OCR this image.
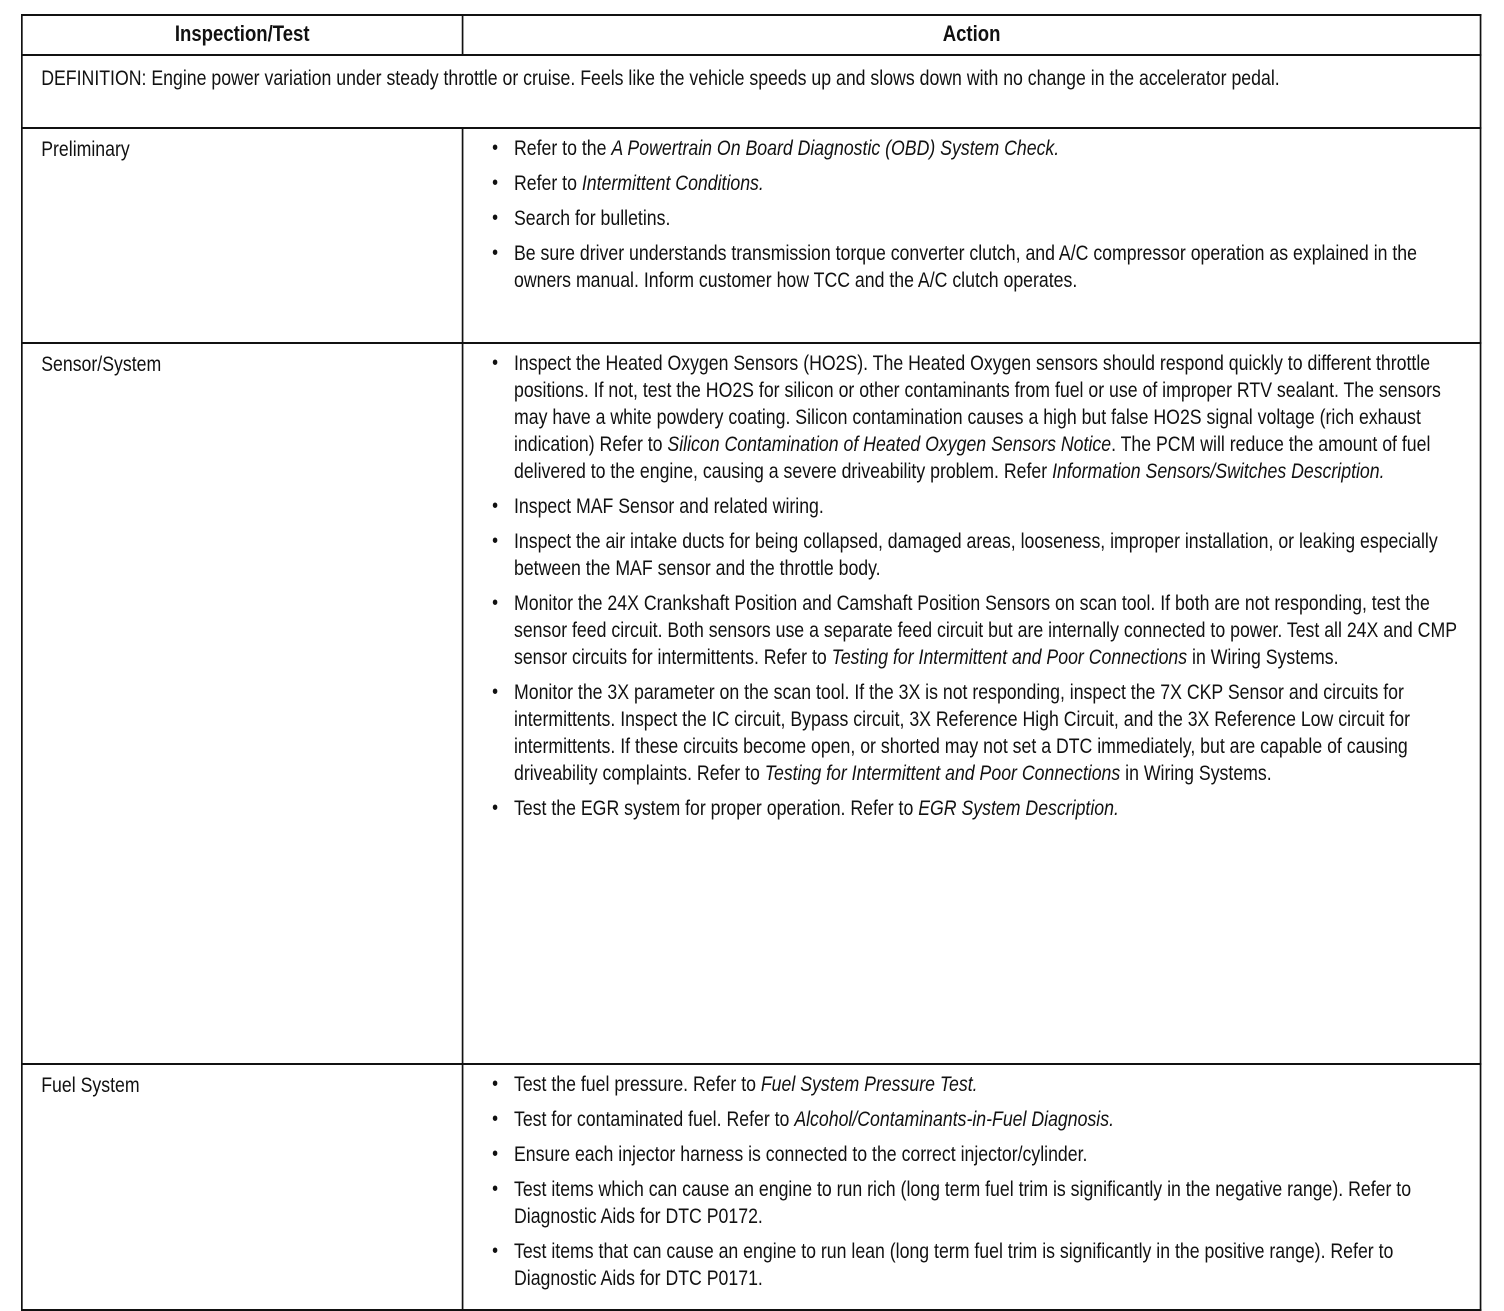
Inspection/Test	Action
DEFINITION: Engine power variation under steady throttle or cruise. Feels like the vehicle speeds up and slows down with no change in the accelerator pedal.	
Preliminary	
•Refer to the A Powertrain On Board Diagnostic (OBD) System Check.
• Refer to Intermittent Conditions.
• Search for bulletins.
• Be sure driver understands transmission torque converter clutch, and A/C compressor operation as explained in the owners manual. Inform customer how TCC and the A/C clutch operates.

Sensor/System	
•Inspect the Heated Oxygen Sensors (HO2S). The Heated Oxygen sensors should respond quickly to different throttle positions. If not, test the HO2S for silicon or other contaminants from fuel or use of improper RTV sealant. The sensors may have a white powdery coating. Silicon contamination causes a high but false HO2S signal voltage (rich exhaust indication) Refer to Silicon Contamination of Heated Oxygen Sensors Notice. The PCM will reduce the amount of fuel delivered to the engine, causing a severe driveability problem. Refer Information Sensors/Switches Description.
• Inspect MAF Sensor and related wiring.
• Inspect the air intake ducts for being collapsed, damaged areas, looseness, improper installation, or leaking especially between the MAF sensor and the throttle body.
• Monitor the 24X Crankshaft Position and Camshaft Position Sensors on scan tool. If both are not responding, test the sensor feed circuit. Both sensors use a separate feed circuit but are internally connected to power. Test all 24X and CMP sensor circuits for intermittents. Refer to Testing for Intermittent and Poor Connections in Wiring Systems.
• Monitor the 3X parameter on the scan tool. If the 3X is not responding, inspect the 7X CKP Sensor and circuits for intermittents. Inspect the IC circuit, Bypass circuit, 3X Reference High Circuit, and the 3X Reference Low circuit for intermittents. If these circuits become open, or shorted may not set a DTC immediately, but are capable of causing driveability complaints. Refer to Testing for Intermittent and Poor Connections in Wiring Systems.
• Test the EGR system for proper operation. Refer to EGR System Description.

Fuel System	
•Test the fuel pressure. Refer to Fuel System Pressure Test.
• Test for contaminated fuel. Refer to Alcohol/Contaminants-in-Fuel Diagnosis.
• Ensure each injector harness is connected to the correct injector/cylinder.
• Test items which can cause an engine to run rich (long term fuel trim is significantly in the negative range). Refer to Diagnostic Aids for DTC P0172.
• Test items that can cause an engine to run lean (long term fuel trim is significantly in the positive range). Refer to Diagnostic Aids for DTC P0171.
